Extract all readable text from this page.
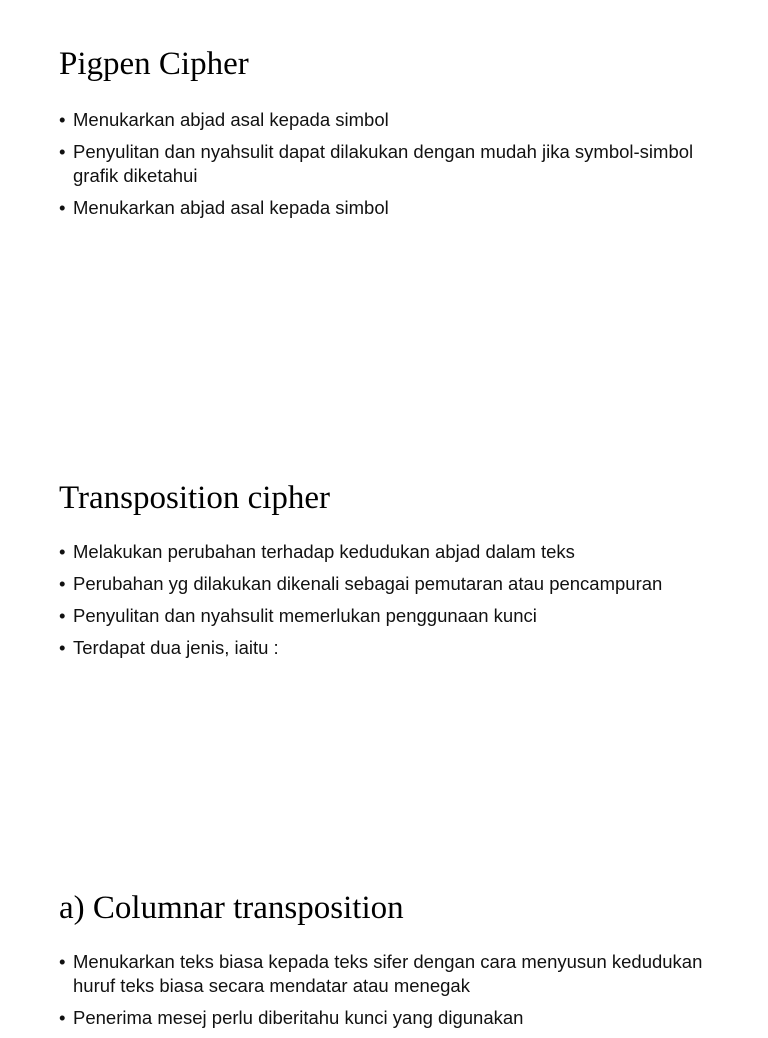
Pigpen Cipher
• Menukarkan abjad asal kepada simbol
• Penyulitan dan nyahsulit dapat dilakukan dengan mudah jika symbol-simbol grafik diketahui
• Menukarkan abjad asal kepada simbol
Transposition cipher
• Melakukan perubahan terhadap kedudukan abjad dalam teks
• Perubahan yg dilakukan dikenali sebagai pemutaran atau pencampuran
• Penyulitan dan nyahsulit memerlukan penggunaan kunci
• Terdapat dua jenis, iaitu :
a) Columnar transposition
• Menukarkan teks biasa kepada teks sifer dengan cara menyusun kedudukan huruf teks biasa secara mendatar atau menegak
• Penerima mesej perlu diberitahu kunci yang digunakan
